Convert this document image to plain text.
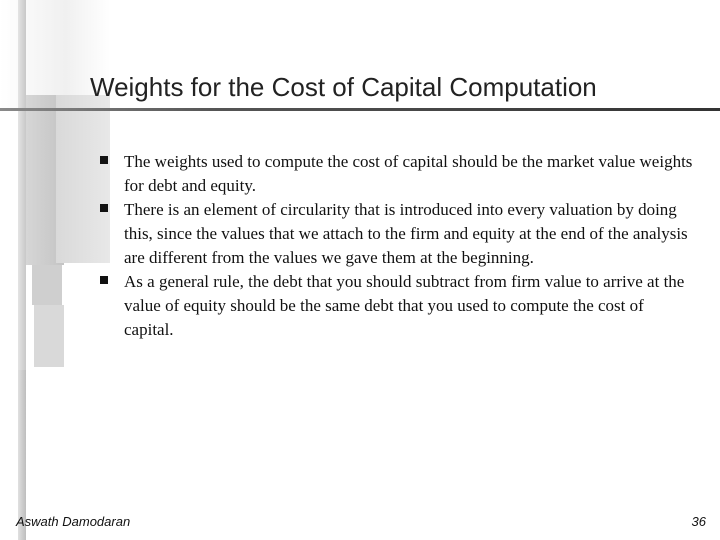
Weights for the Cost of Capital Computation

The weights used to compute the cost of capital should be the market value weights for debt and equity.

There is an element of circularity that is introduced into every valuation by doing this, since the values that we attach to the firm and equity at the end of the analysis are different from the values we gave them at the beginning.

As a general rule, the debt that you should subtract from firm value to arrive at the value of equity should be the same debt that you used to compute the cost of capital.

Aswath Damodaran	36
